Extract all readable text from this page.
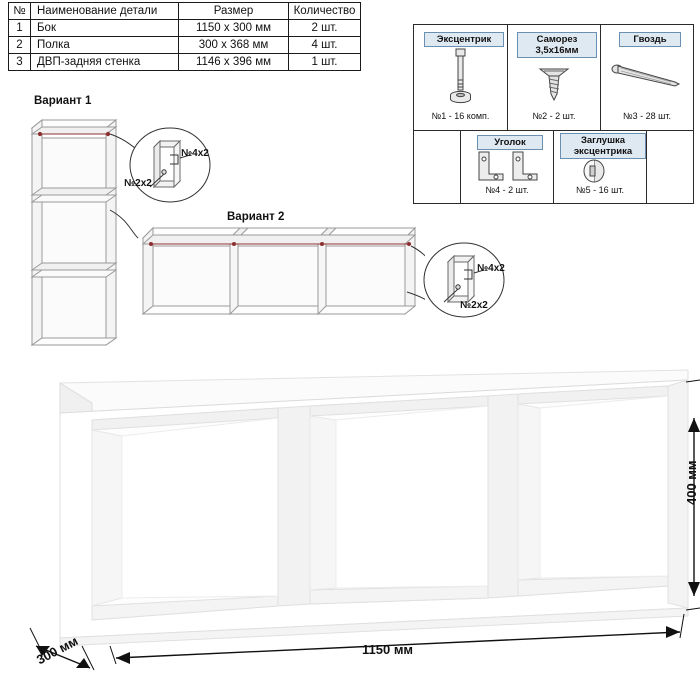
№	Наименование детали	Размер	Количество
1	Бок	1150 х 300 мм	2 шт.
2	Полка	300 х 368 мм	4 шт.
3	ДВП-задняя стенка	1146 х 396 мм	1 шт.
Эксцентрик
№1 - 16 комп.
Саморез
3,5х16мм
№2 - 2 шт.
Гвоздь
№3 - 28 шт.
Уголок
№4 - 2 шт.
Заглушка
эксцентрика
№5 - 16 шт.
Вариант 1
№4х2
№2х2
Вариант 2
№4х2
№2х2
1150 мм
400 мм
300 мм
